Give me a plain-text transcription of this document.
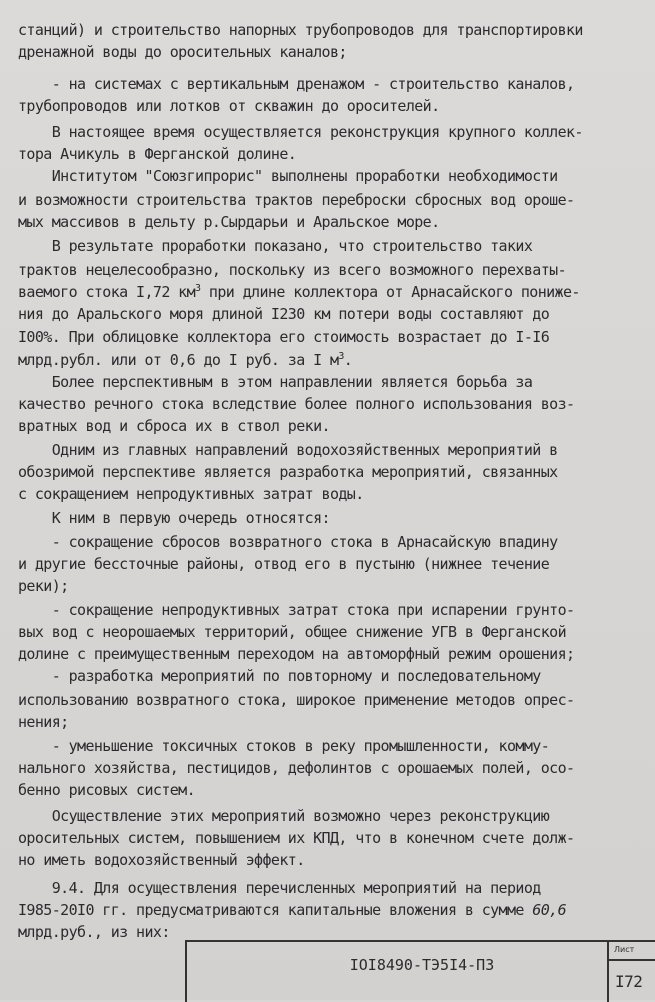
станций) и строительство напорных трубопроводов для транспортировки
дренажной воды до оросительных каналов;
- на системах с вертикальным дренажом - строительство каналов,
трубопроводов или лотков от скважин до оросителей.
В настоящее время осуществляется реконструкция крупного коллек-
тора Ачикуль в Ферганской долине.
Институтом "Союзгипрорис" выполнены проработки необходимости
и возможности строительства трактов переброски сбросных вод ороше-
мых массивов в дельту р.Сырдарьи и Аральское море.
В результате проработки показано, что строительство таких
трактов нецелесообразно, поскольку из всего возможного перехваты-
ваемого стока I,72 $км^3$ при длине коллектора от Арнасайского пониже-
ния до Аральского моря длиной I230 км потери воды составляют до
I00%. При облицовке коллектора его стоимость возрастает до I-I6
млрд.рубл. или от 0,6 до I руб. за I $м^3$.
Более перспективным в этом направлении является борьба за
качество речного стока вследствие более полного использования воз-
вратных вод и сброса их в ствол реки.
Одним из главных направлений водохозяйственных мероприятий в
обозримой перспективе является разработка мероприятий, связанных
с сокращением непродуктивных затрат воды.
К ним в первую очередь относятся:
- сокращение сбросов возвратного стока в Арнасайскую впадину
и другие бессточные районы, отвод его в пустыню (нижнее течение
реки);
- сокращение непродуктивных затрат стока при испарении грунто-
вых вод с неорошаемых территорий, общее снижение УГВ в Ферганской
долине с преимущественным переходом на автоморфный режим орошения;
- разработка мероприятий по повторному и последовательному
использованию возвратного стока, широкое применение методов опрес-
нения;
- уменьшение токсичных стоков в реку промышленности, комму-
нального хозяйства, пестицидов, дефолинтов с орошаемых полей, осо-
бенно рисовых систем.
Осуществление этих мероприятий возможно через реконструкцию
оросительных систем, повышением их КПД, что в конечном счете долж-
но иметь водохозяйственный эффект.
9.4. Для осуществления перечисленных мероприятий на период
I985-20I0 гг. предусматриваются капитальные вложения в сумме 60,6
млрд.руб., из них:
IOI8490-ТЭ5I4-ПЗ
Лист
I72
